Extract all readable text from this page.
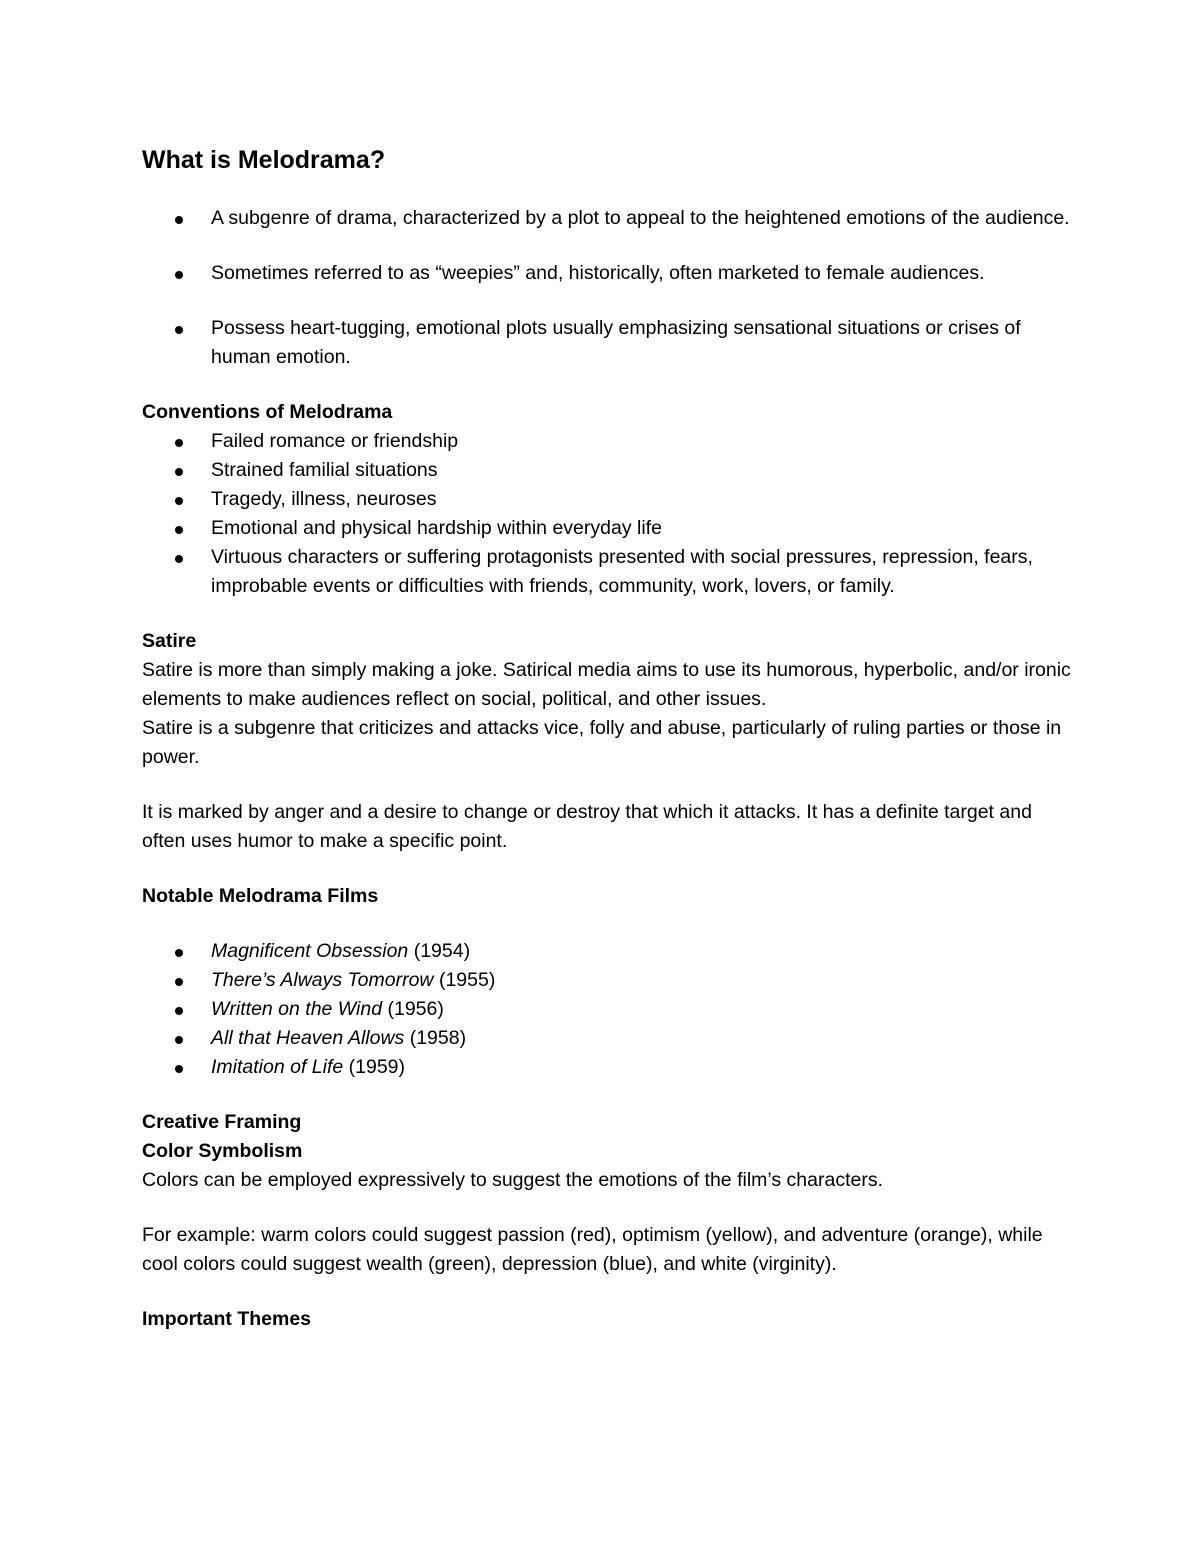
What is Melodrama?
A subgenre of drama, characterized by a plot to appeal to the heightened emotions of the audience.
Sometimes referred to as “weepies” and, historically, often marketed to female audiences.
Possess heart-tugging, emotional plots usually emphasizing sensational situations or crises of human emotion.

Conventions of Melodrama

Failed romance or friendship
Strained familial situations
Tragedy, illness, neuroses
Emotional and physical hardship within everyday life
Virtuous characters or suffering protagonists presented with social pressures, repression, fears, improbable events or difficulties with friends, community, work, lovers, or family.

Satire

Satire is more than simply making a joke. Satirical media aims to use its humorous, hyperbolic, and/or ironic elements to make audiences reflect on social, political, and other issues.

Satire is a subgenre that criticizes and attacks vice, folly and abuse, particularly of ruling parties or those in power.

It is marked by anger and a desire to change or destroy that which it attacks. It has a definite target and often uses humor to make a specific point.

Notable Melodrama Films

Magnificent Obsession (1954)
There’s Always Tomorrow (1955)
Written on the Wind (1956)
All that Heaven Allows (1958)
Imitation of Life (1959)

Creative Framing

Color Symbolism

Colors can be employed expressively to suggest the emotions of the film’s characters.

For example: warm colors could suggest passion (red), optimism (yellow), and adventure (orange), while cool colors could suggest wealth (green), depression (blue), and white (virginity).

Important Themes
